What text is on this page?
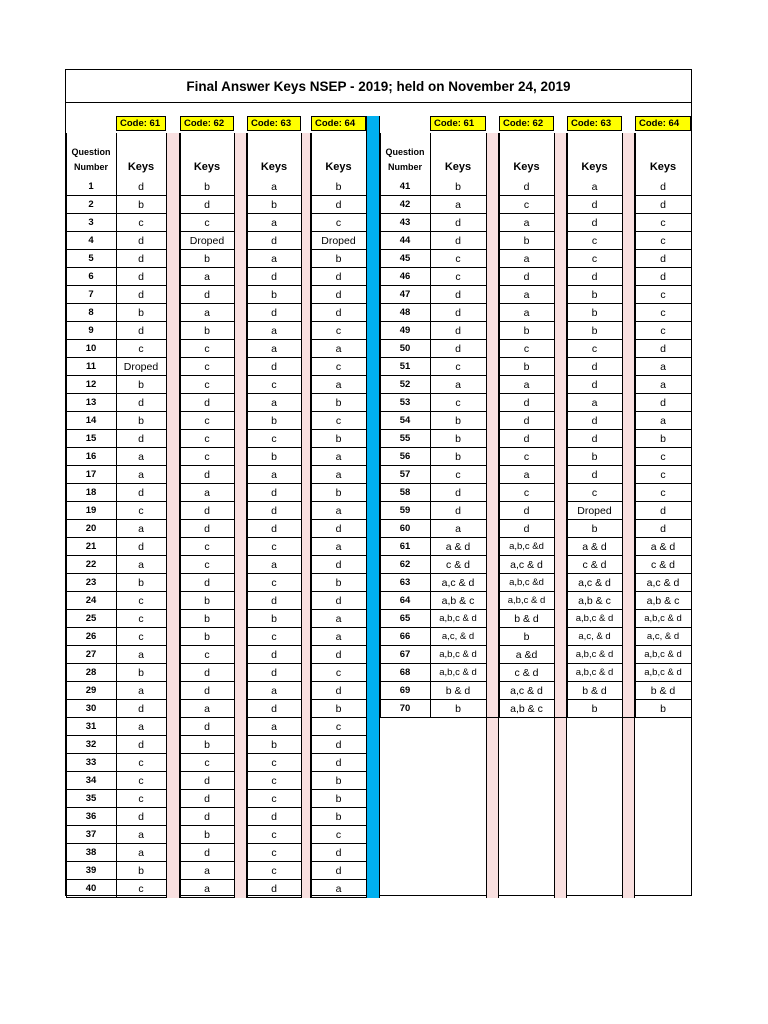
Final Answer Keys NSEP - 2019; held on November 24, 2019
Code: 61	Code: 62	Code: 63	Code: 64	Code: 61	Code: 62	Code: 63	Code: 64
Question
Number	Keys	Keys	Keys	Keys
Question
Number	Keys	Keys	Keys	Keys
1	d	b	a	b
2	b	d	b	d
3	c	c	a	c
4	d	Droped	d	Droped
5	d	b	a	b
6	d	a	d	d
7	d	d	b	d
8	b	a	d	d
9	d	b	a	c
10	c	c	a	a
11	Droped	c	d	c
12	b	c	c	a
13	d	d	a	b
14	b	c	b	c
15	d	c	c	b
16	a	c	b	a
17	a	d	a	a
18	d	a	d	b
19	c	d	d	a
20	a	d	d	d
21	d	c	c	a
22	a	c	a	d
23	b	d	c	b
24	c	b	d	d
25	c	b	b	a
26	c	b	c	a
27	a	c	d	d
28	b	d	d	c
29	a	d	a	d
30	d	a	d	b
31	a	d	a	c
32	d	b	b	d
33	c	c	c	d
34	c	d	c	b
35	c	d	c	b
36	d	d	d	b
37	a	b	c	c
38	a	d	c	d
39	b	a	c	d
40	c	a	d	a
41	b	d	a	d
42	a	c	d	d
43	d	a	d	c
44	d	b	c	c
45	c	a	c	d
46	c	d	d	d
47	d	a	b	c
48	d	a	b	c
49	d	b	b	c
50	d	c	c	d
51	c	b	d	a
52	a	a	d	a
53	c	d	a	d
54	b	d	d	a
55	b	d	d	b
56	b	c	b	c
57	c	a	d	c
58	d	c	c	c
59	d	d	Droped	d
60	a	d	b	d
61	a & d	a,b,c &d	a & d	a & d
62	c & d	a,c & d	c & d	c & d
63	a,c & d	a,b,c &d	a,c & d	a,c & d
64	a,b & c	a,b,c & d	a,b & c	a,b & c
65	a,b,c & d	b & d	a,b,c & d	a,b,c & d
66	a,c, & d	b	a,c, & d	a,c, & d
67	a,b,c & d	a &d	a,b,c & d	a,b,c & d
68	a,b,c & d	c & d	a,b,c & d	a,b,c & d
69	b & d	a,c & d	b & d	b & d
70	b	a,b & c	b	b
